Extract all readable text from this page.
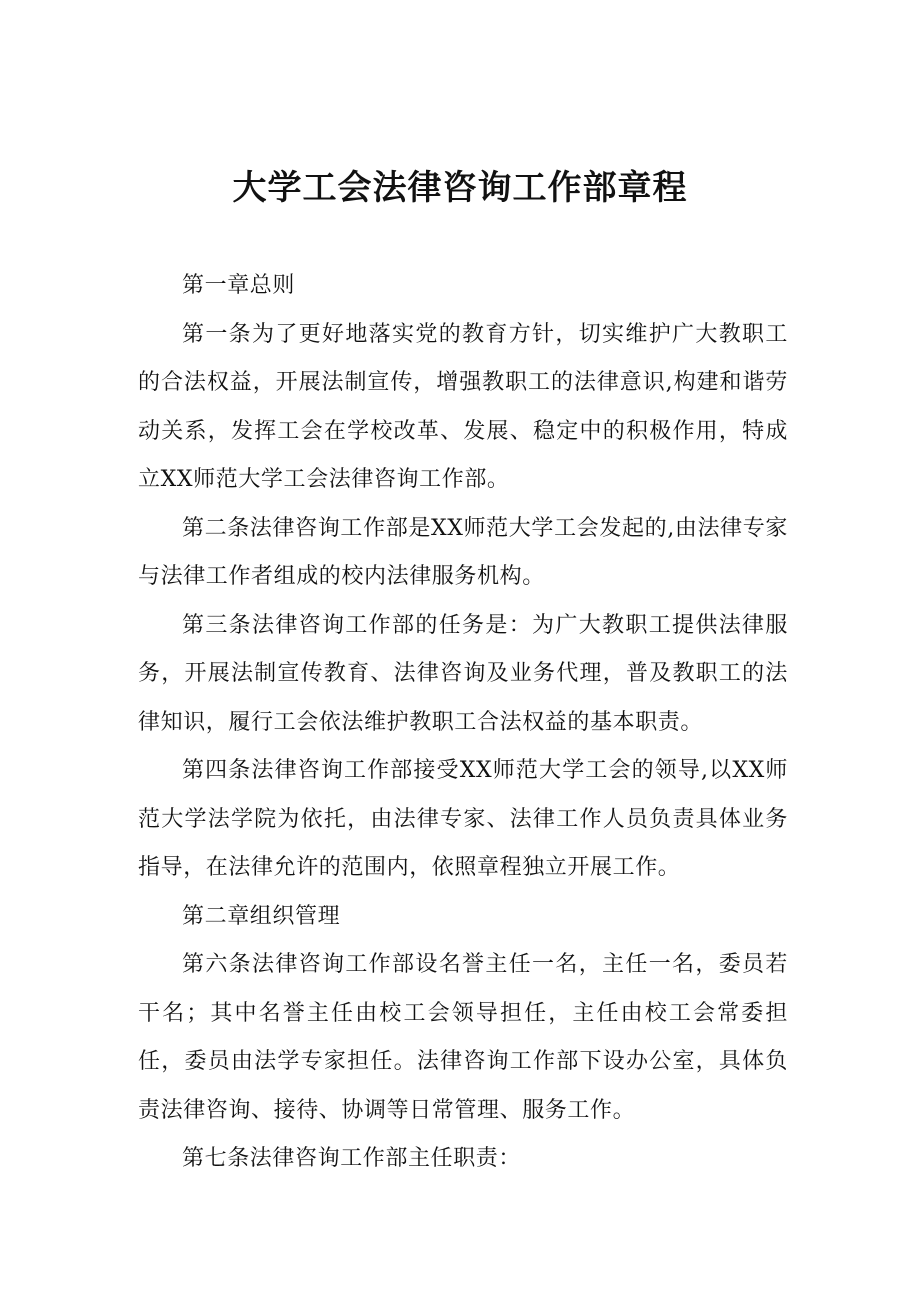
大学工会法律咨询工作部章程

第一章总则

第一条为了更好地落实党的教育方针，切实维护广大教职工的合法权益，开展法制宣传，增强教职工的法律意识,构建和谐劳动关系，发挥工会在学校改革、发展、稳定中的积极作用，特成立XX师范大学工会法律咨询工作部。

第二条法律咨询工作部是XX师范大学工会发起的,由法律专家与法律工作者组成的校内法律服务机构。

第三条法律咨询工作部的任务是：为广大教职工提供法律服务，开展法制宣传教育、法律咨询及业务代理，普及教职工的法律知识，履行工会依法维护教职工合法权益的基本职责。

第四条法律咨询工作部接受XX师范大学工会的领导,以XX师范大学法学院为依托，由法律专家、法律工作人员负责具体业务指导，在法律允许的范围内，依照章程独立开展工作。

第二章组织管理

第六条法律咨询工作部设名誉主任一名，主任一名，委员若干名；其中名誉主任由校工会领导担任，主任由校工会常委担任，委员由法学专家担任。法律咨询工作部下设办公室，具体负责法律咨询、接待、协调等日常管理、服务工作。

第七条法律咨询工作部主任职责：
